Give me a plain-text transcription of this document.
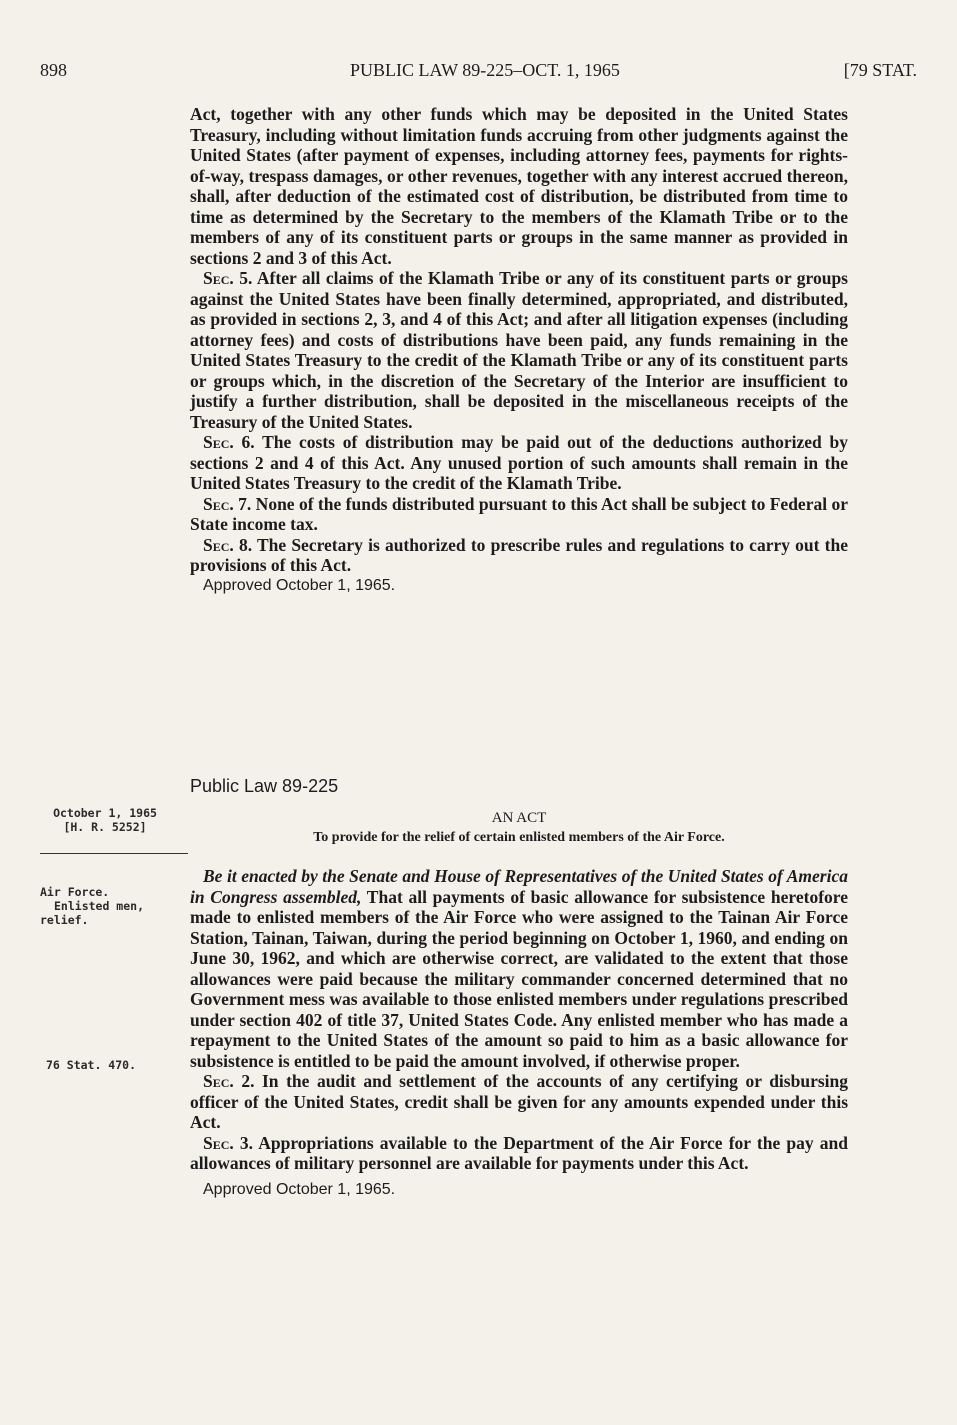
898	PUBLIC LAW 89-225–OCT. 1, 1965	[79 STAT.

Act, together with any other funds which may be deposited in the United States Treasury, including without limitation funds accruing from other judgments against the United States (after payment of expenses, including attorney fees, payments for rights-of-way, trespass damages, or other revenues, together with any interest accrued thereon, shall, after deduction of the estimated cost of distribution, be distributed from time to time as determined by the Secretary to the members of the Klamath Tribe or to the members of any of its constituent parts or groups in the same manner as provided in sections 2 and 3 of this Act.

Sec. 5. After all claims of the Klamath Tribe or any of its constituent parts or groups against the United States have been finally determined, appropriated, and distributed, as provided in sections 2, 3, and 4 of this Act; and after all litigation expenses (including attorney fees) and costs of distributions have been paid, any funds remaining in the United States Treasury to the credit of the Klamath Tribe or any of its constituent parts or groups which, in the discretion of the Secretary of the Interior are insufficient to justify a further distribution, shall be deposited in the miscellaneous receipts of the Treasury of the United States.

Sec. 6. The costs of distribution may be paid out of the deductions authorized by sections 2 and 4 of this Act. Any unused portion of such amounts shall remain in the United States Treasury to the credit of the Klamath Tribe.

Sec. 7. None of the funds distributed pursuant to this Act shall be subject to Federal or State income tax.

Sec. 8. The Secretary is authorized to prescribe rules and regulations to carry out the provisions of this Act.

Approved October 1, 1965.

Public Law 89-225
AN ACT
To provide for the relief of certain enlisted members of the Air Force.
October 1, 1965
[H. R. 5252]
Air Force.
Enlisted men,
relief.
76 Stat. 470.

Be it enacted by the Senate and House of Representatives of the United States of America in Congress assembled, That all payments of basic allowance for subsistence heretofore made to enlisted members of the Air Force who were assigned to the Tainan Air Force Station, Tainan, Taiwan, during the period beginning on October 1, 1960, and ending on June 30, 1962, and which are otherwise correct, are validated to the extent that those allowances were paid because the military commander concerned determined that no Government mess was available to those enlisted members under regulations prescribed under section 402 of title 37, United States Code. Any enlisted member who has made a repayment to the United States of the amount so paid to him as a basic allowance for subsistence is entitled to be paid the amount involved, if otherwise proper.

Sec. 2. In the audit and settlement of the accounts of any certifying or disbursing officer of the United States, credit shall be given for any amounts expended under this Act.

Sec. 3. Appropriations available to the Department of the Air Force for the pay and allowances of military personnel are available for payments under this Act.

Approved October 1, 1965.
